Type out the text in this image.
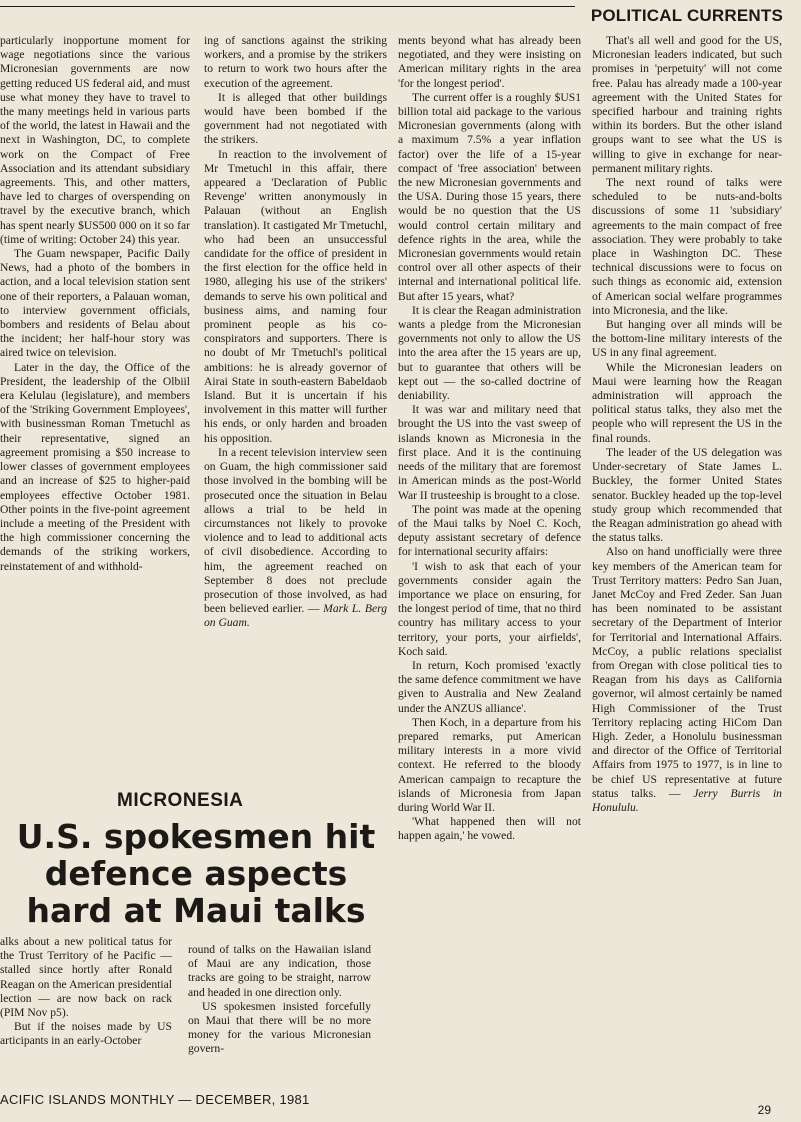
POLITICAL CURRENTS

particularly inopportune moment for wage negotiations since the various Micronesian governments are now getting reduced US federal aid, and must use what money they have to travel to the many meetings held in various parts of the world, the latest in Hawaii and the next in Washington, DC, to complete work on the Compact of Free Association and its attendant subsidiary agreements. This, and other matters, have led to charges of overspending on travel by the executive branch, which has spent nearly $US500 000 on it so far (time of writing: October 24) this year.

The Guam newspaper, Pacific Daily News, had a photo of the bombers in action, and a local television station sent one of their reporters, a Palauan woman, to interview government officials, bombers and residents of Belau about the incident; her half-hour story was aired twice on television.

Later in the day, the Office of the President, the leadership of the Olbiil era Kelulau (legislature), and members of the 'Striking Government Employees', with businessman Roman Tmetuchl as their representative, signed an agreement promising a $50 increase to lower classes of government employees and an increase of $25 to higher-paid employees effective October 1981. Other points in the five-point agreement include a meeting of the President with the high commissioner concerning the demands of the striking workers, reinstatement of and withhold-

ing of sanctions against the striking workers, and a promise by the strikers to return to work two hours after the execution of the agreement.

It is alleged that other buildings would have been bombed if the government had not negotiated with the strikers.

In reaction to the involvement of Mr Tmetuchl in this affair, there appeared a 'Declaration of Public Revenge' written anonymously in Palauan (without an English translation). It castigated Mr Tmetuchl, who had been an unsuccessful candidate for the office of president in the first election for the office held in 1980, alleging his use of the strikers' demands to serve his own political and business aims, and naming four prominent people as his co-conspirators and supporters. There is no doubt of Mr Tmetuchl's political ambitions: he is already governor of Airai State in south-eastern Babeldaob Island. But it is uncertain if his involvement in this matter will further his ends, or only harden and broaden his opposition.

In a recent television interview seen on Guam, the high commissioner said those involved in the bombing will be prosecuted once the situation in Belau allows a trial to be held in circumstances not likely to provoke violence and to lead to additional acts of civil disobedience. According to him, the agreement reached on September 8 does not preclude prosecution of those involved, as had been believed earlier. — Mark L. Berg on Guam.

ments beyond what has already been negotiated, and they were insisting on American military rights in the area 'for the longest period'.

The current offer is a roughly $US1 billion total aid package to the various Micronesian governments (along with a maximum 7.5% a year inflation factor) over the life of a 15-year compact of 'free association' between the new Micronesian governments and the USA. During those 15 years, there would be no question that the US would control certain military and defence rights in the area, while the Micronesian governments would retain control over all other aspects of their internal and international political life. But after 15 years, what?

It is clear the Reagan administration wants a pledge from the Micronesian governments not only to allow the US into the area after the 15 years are up, but to guarantee that others will be kept out — the so-called doctrine of deniability.

It was war and military need that brought the US into the vast sweep of islands known as Micronesia in the first place. And it is the continuing needs of the military that are foremost in American minds as the post-World War II trusteeship is brought to a close.

The point was made at the opening of the Maui talks by Noel C. Koch, deputy assistant secretary of defence for international security affairs:

'I wish to ask that each of your governments consider again the importance we place on ensuring, for the longest period of time, that no third country has military access to your territory, your ports, your airfields', Koch said.

In return, Koch promised 'exactly the same defence commitment we have given to Australia and New Zealand under the ANZUS alliance'.

Then Koch, in a departure from his prepared remarks, put American military interests in a more vivid context. He referred to the bloody American campaign to recapture the islands of Micronesia from Japan during World War II.

'What happened then will not happen again,' he vowed.

That's all well and good for the US, Micronesian leaders indicated, but such promises in 'perpetuity' will not come free. Palau has already made a 100-year agreement with the United States for specified harbour and training rights within its borders. But the other island groups want to see what the US is willing to give in exchange for near-permanent military rights.

The next round of talks were scheduled to be nuts-and-bolts discussions of some 11 'subsidiary' agreements to the main compact of free association. They were probably to take place in Washington DC. These technical discussions were to focus on such things as economic aid, extension of American social welfare programmes into Micronesia, and the like.

But hanging over all minds will be the bottom-line military interests of the US in any final agreement.

While the Micronesian leaders on Maui were learning how the Reagan administration will approach the political status talks, they also met the people who will represent the US in the final rounds.

The leader of the US delegation was Under-secretary of State James L. Buckley, the former United States senator. Buckley headed up the top-level study group which recommended that the Reagan administration go ahead with the status talks.

Also on hand unofficially were three key members of the American team for Trust Territory matters: Pedro San Juan, Janet McCoy and Fred Zeder. San Juan has been nominated to be assistant secretary of the Department of Interior for Territorial and International Affairs. McCoy, a public relations specialist from Oregan with close political ties to Reagan from his days as California governor, wil almost certainly be named High Commissioner of the Trust Territory replacing acting HiCom Dan High. Zeder, a Honolulu businessman and director of the Office of Territorial Affairs from 1975 to 1977, is in line to be chief US representative at future status talks. — Jerry Burris in Honululu.

MICRONESIA
U.S. spokesmen hit defence aspects hard at Maui talks

alks about a new political tatus for the Trust Territory of he Pacific — stalled since hortly after Ronald Reagan on the American presidential lection — are now back on rack (PIM Nov p5).

But if the noises made by US articipants in an early-October

round of talks on the Hawaiian island of Maui are any indication, those tracks are going to be straight, narrow and headed in one direction only.

US spokesmen insisted forcefully on Maui that there will be no more money for the various Micronesian govern-

ACIFIC ISLANDS MONTHLY — DECEMBER, 1981
29
